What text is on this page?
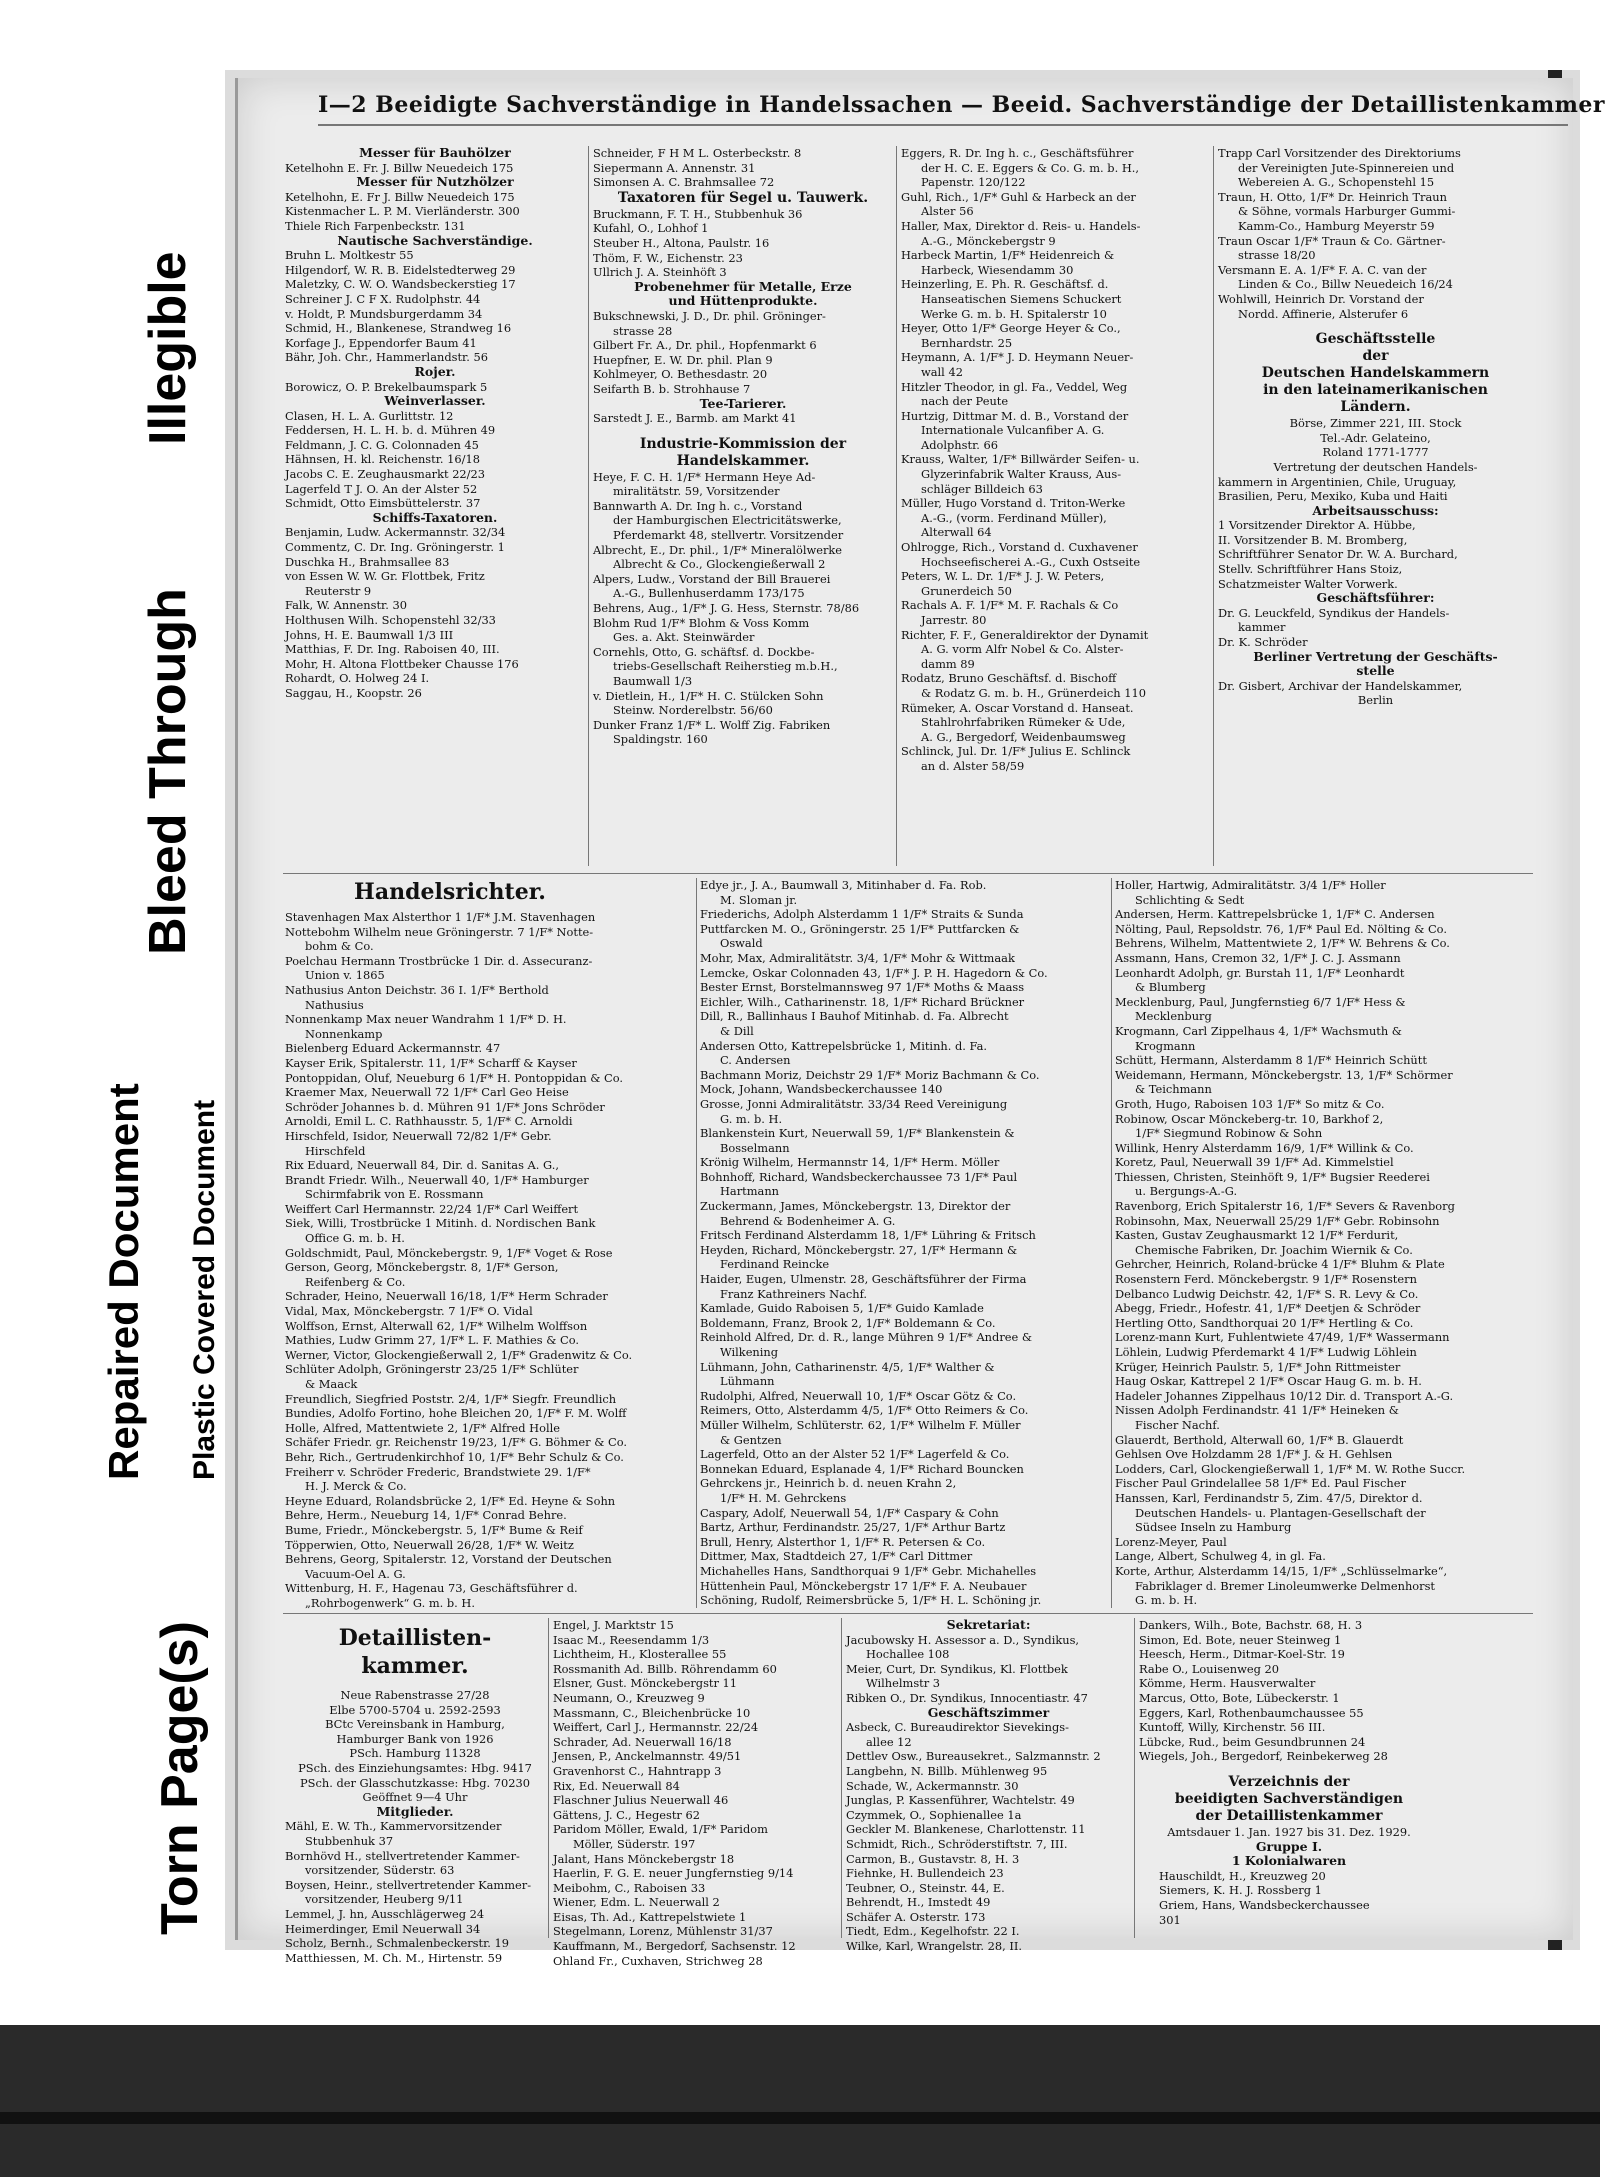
Torn Page(s)
Repaired Document Plastic Covered Document
Bleed Through
Illegible
I—2 Beeidigte Sachverständige in Handelssachen — Beeid. Sachverständige der Detaillistenkammer
Messer für Bauhölzer
Ketelhohn E. Fr. J. Billw Neuedeich 175
Messer für Nutzhölzer
Ketelhohn, E. Fr J. Billw Neuedeich 175
Kistenmacher L. P. M. Vierländerstr. 300
Thiele Rich Farpenbeckstr. 131
Nautische Sachverständige.
Bruhn L. Moltkestr 55
Hilgendorf, W. R. B. Eidelstedterweg 29
Maletzky, C. W. O. Wandsbeckerstieg 17
Schreiner J. C F X. Rudolphstr. 44
v. Holdt, P. Mundsburgerdamm 34
Schmid, H., Blankenese, Strandweg 16
Korfage J., Eppendorfer Baum 41
Bähr, Joh. Chr., Hammerlandstr. 56
Rojer.
Borowicz, O. P. Brekelbaumspark 5
Weinverlasser.
Clasen, H. L. A. Gurlittstr. 12
Feddersen, H. L. H. b. d. Mühren 49
Feldmann, J. C. G. Colonnaden 45
Hähnsen, H. kl. Reichenstr. 16/18
Jacobs C. E. Zeughausmarkt 22/23
Lagerfeld T J. O. An der Alster 52
Schmidt, Otto Eimsbüttelerstr. 37
Schiffs-Taxatoren.
Benjamin, Ludw. Ackermannstr. 32/34
Commentz, C. Dr. Ing. Gröningerstr. 1
Duschka H., Brahmsallee 83
von Essen W. W. Gr. Flottbek, Fritz
Reuterstr 9
Falk, W. Annenstr. 30
Holthusen Wilh. Schopenstehl 32/33
Johns, H. E. Baumwall 1/3 III
Matthias, F. Dr. Ing. Raboisen 40, III.
Mohr, H. Altona Flottbeker Chausse 176
Rohardt, O. Holweg 24 I.
Saggau, H., Koopstr. 26
Schneider, F H M L. Osterbeckstr. 8
Siepermann A. Annenstr. 31
Simonsen A. C. Brahmsallee 72
Taxatoren für Segel u. Tauwerk.
Bruckmann, F. T. H., Stubbenhuk 36
Kufahl, O., Lohhof 1
Steuber H., Altona, Paulstr. 16
Thöm, F. W., Eichenstr. 23
Ullrich J. A. Steinhöft 3
Probenehmer für Metalle, Erze
und Hüttenprodukte.
Bukschnewski, J. D., Dr. phil. Gröninger-
strasse 28
Gilbert Fr. A., Dr. phil., Hopfenmarkt 6
Huepfner, E. W. Dr. phil. Plan 9
Kohlmeyer, O. Bethesdastr. 20
Seifarth B. b. Strohhause 7
Tee-Tarierer.
Sarstedt J. E., Barmb. am Markt 41
Industrie-Kommission der
Handelskammer.
Heye, F. C. H. 1/F* Hermann Heye Ad-
miralitätstr. 59, Vorsitzender
Bannwarth A. Dr. Ing h. c., Vorstand
der Hamburgischen Electricitätswerke,
Pferdemarkt 48, stellvertr. Vorsitzender
Albrecht, E., Dr. phil., 1/F* Mineralölwerke
Albrecht & Co., Glockengießerwall 2
Alpers, Ludw., Vorstand der Bill Brauerei
A.-G., Bullenhuserdamm 173/175
Behrens, Aug., 1/F* J. G. Hess, Sternstr. 78/86
Blohm Rud 1/F* Blohm & Voss Komm
Ges. a. Akt. Steinwärder
Cornehls, Otto, G. schäftsf. d. Dockbe-
triebs-Gesellschaft Reiherstieg m.b.H.,
Baumwall 1/3
v. Dietlein, H., 1/F* H. C. Stülcken Sohn
Steinw. Norderelbstr. 56/60
Dunker Franz 1/F* L. Wolff Zig. Fabriken
Spaldingstr. 160
Eggers, R. Dr. Ing h. c., Geschäftsführer
der H. C. E. Eggers & Co. G. m. b. H.,
Papenstr. 120/122
Guhl, Rich., 1/F* Guhl & Harbeck an der
Alster 56
Haller, Max, Direktor d. Reis- u. Handels-
A.-G., Mönckebergstr 9
Harbeck Martin, 1/F* Heidenreich &
Harbeck, Wiesendamm 30
Heinzerling, E. Ph. R. Geschäftsf. d.
Hanseatischen Siemens Schuckert
Werke G. m. b. H. Spitalerstr 10
Heyer, Otto 1/F* George Heyer & Co.,
Bernhardstr. 25
Heymann, A. 1/F* J. D. Heymann Neuer-
wall 42
Hitzler Theodor, in gl. Fa., Veddel, Weg
nach der Peute
Hurtzig, Dittmar M. d. B., Vorstand der
Internationale Vulcanfiber A. G.
Adolphstr. 66
Krauss, Walter, 1/F* Billwärder Seifen- u.
Glyzerinfabrik Walter Krauss, Aus-
schläger Billdeich 63
Müller, Hugo Vorstand d. Triton-Werke
A.-G., (vorm. Ferdinand Müller),
Alterwall 64
Ohlrogge, Rich., Vorstand d. Cuxhavener
Hochseefischerei A.-G., Cuxh Ostseite
Peters, W. L. Dr. 1/F* J. J. W. Peters,
Grunerdeich 50
Rachals A. F. 1/F* M. F. Rachals & Co
Jarrestr. 80
Richter, F. F., Generaldirektor der Dynamit
A. G. vorm Alfr Nobel & Co. Alster-
damm 89
Rodatz, Bruno Geschäftsf. d. Bischoff
& Rodatz G. m. b. H., Grünerdeich 110
Rümeker, A. Oscar Vorstand d. Hanseat.
Stahlrohrfabriken Rümeker & Ude,
A. G., Bergedorf, Weidenbaumsweg
Schlinck, Jul. Dr. 1/F* Julius E. Schlinck
an d. Alster 58/59
Trapp Carl Vorsitzender des Direktoriums
der Vereinigten Jute-Spinnereien und
Webereien A. G., Schopenstehl 15
Traun, H. Otto, 1/F* Dr. Heinrich Traun
& Söhne, vormals Harburger Gummi-
Kamm-Co., Hamburg Meyerstr 59
Traun Oscar 1/F* Traun & Co. Gärtner-
strasse 18/20
Versmann E. A. 1/F* F. A. C. van der
Linden & Co., Billw Neuedeich 16/24
Wohlwill, Heinrich Dr. Vorstand der
Nordd. Affinerie, Alsterufer 6
Geschäftsstelle
der
Deutschen Handelskammern
in den lateinamerikanischen
Ländern.
Börse, Zimmer 221, III. Stock
Tel.-Adr. Gelateino,
Roland 1771-1777
Vertretung der deutschen Handels-
kammern in Argentinien, Chile, Uruguay,
Brasilien, Peru, Mexiko, Kuba und Haiti
Arbeitsausschuss:
1 Vorsitzender Direktor A. Hübbe,
II. Vorsitzender B. M. Bromberg,
Schriftführer Senator Dr. W. A. Burchard,
Stellv. Schriftführer Hans Stoiz,
Schatzmeister Walter Vorwerk.
Geschäftsführer:
Dr. G. Leuckfeld, Syndikus der Handels-
kammer
Dr. K. Schröder
Berliner Vertretung der Geschäfts-
stelle
Dr. Gisbert, Archivar der Handelskammer,
Berlin
Handelsrichter.
Stavenhagen Max Alsterthor 1 1/F* J.M. Stavenhagen
Nottebohm Wilhelm neue Gröningerstr. 7 1/F* Notte-
bohm & Co.
Poelchau Hermann Trostbrücke 1 Dir. d. Assecuranz-
Union v. 1865
Nathusius Anton Deichstr. 36 I. 1/F* Berthold
Nathusius
Nonnenkamp Max neuer Wandrahm 1 1/F* D. H.
Nonnenkamp
Bielenberg Eduard Ackermannstr. 47
Kayser Erik, Spitalerstr. 11, 1/F* Scharff & Kayser
Pontoppidan, Oluf, Neueburg 6 1/F* H. Pontoppidan & Co.
Kraemer Max, Neuerwall 72 1/F* Carl Geo Heise
Schröder Johannes b. d. Mühren 91 1/F* Jons Schröder
Arnoldi, Emil L. C. Rathhausstr. 5, 1/F* C. Arnoldi
Hirschfeld, Isidor, Neuerwall 72/82 1/F* Gebr.
Hirschfeld
Rix Eduard, Neuerwall 84, Dir. d. Sanitas A. G.,
Brandt Friedr. Wilh., Neuerwall 40, 1/F* Hamburger
Schirmfabrik von E. Rossmann
Weiffert Carl Hermannstr. 22/24 1/F* Carl Weiffert
Siek, Willi, Trostbrücke 1 Mitinh. d. Nordischen Bank
Office G. m. b. H.
Goldschmidt, Paul, Mönckebergstr. 9, 1/F* Voget & Rose
Gerson, Georg, Mönckebergstr. 8, 1/F* Gerson,
Reifenberg & Co.
Schrader, Heino, Neuerwall 16/18, 1/F* Herm Schrader
Vidal, Max, Mönckebergstr. 7 1/F* O. Vidal
Wolffson, Ernst, Alterwall 62, 1/F* Wilhelm Wolffson
Mathies, Ludw Grimm 27, 1/F* L. F. Mathies & Co.
Werner, Victor, Glockengießerwall 2, 1/F* Gradenwitz & Co.
Schlüter Adolph, Gröningerstr 23/25 1/F* Schlüter
& Maack
Freundlich, Siegfried Poststr. 2/4, 1/F* Siegfr. Freundlich
Bundies, Adolfo Fortino, hohe Bleichen 20, 1/F* F. M. Wolff
Holle, Alfred, Mattentwiete 2, 1/F* Alfred Holle
Schäfer Friedr. gr. Reichenstr 19/23, 1/F* G. Böhmer & Co.
Behr, Rich., Gertrudenkirchhof 10, 1/F* Behr Schulz & Co.
Freiherr v. Schröder Frederic, Brandstwiete 29. 1/F*
H. J. Merck & Co.
Heyne Eduard, Rolandsbrücke 2, 1/F* Ed. Heyne & Sohn
Behre, Herm., Neueburg 14, 1/F* Conrad Behre.
Bume, Friedr., Mönckebergstr. 5, 1/F* Bume & Reif
Töpperwien, Otto, Neuerwall 26/28, 1/F* W. Weitz
Behrens, Georg, Spitalerstr. 12, Vorstand der Deutschen
Vacuum-Oel A. G.
Wittenburg, H. F., Hagenau 73, Geschäftsführer d.
„Rohrbogenwerk“ G. m. b. H.
Edye jr., J. A., Baumwall 3, Mitinhaber d. Fa. Rob.
M. Sloman jr.
Friederichs, Adolph Alsterdamm 1 1/F* Straits & Sunda
Puttfarcken M. O., Gröningerstr. 25 1/F* Puttfarcken &
Oswald
Mohr, Max, Admiralitätstr. 3/4, 1/F* Mohr & Wittmaak
Lemcke, Oskar Colonnaden 43, 1/F* J. P. H. Hagedorn & Co.
Bester Ernst, Borstelmannsweg 97 1/F* Moths & Maass
Eichler, Wilh., Catharinenstr. 18, 1/F* Richard Brückner
Dill, R., Ballinhaus I Bauhof Mitinhab. d. Fa. Albrecht
& Dill
Andersen Otto, Kattrepelsbrücke 1, Mitinh. d. Fa.
C. Andersen
Bachmann Moriz, Deichstr 29 1/F* Moriz Bachmann & Co.
Mock, Johann, Wandsbeckerchaussee 140
Grosse, Jonni Admiralitätstr. 33/34 Reed Vereinigung
G. m. b. H.
Blankenstein Kurt, Neuerwall 59, 1/F* Blankenstein &
Bosselmann
Krönig Wilhelm, Hermannstr 14, 1/F* Herm. Möller
Bohnhoff, Richard, Wandsbeckerchaussee 73 1/F* Paul
Hartmann
Zuckermann, James, Mönckebergstr. 13, Direktor der
Behrend & Bodenheimer A. G.
Fritsch Ferdinand Alsterdamm 18, 1/F* Lühring & Fritsch
Heyden, Richard, Mönckebergstr. 27, 1/F* Hermann &
Ferdinand Reincke
Haider, Eugen, Ulmenstr. 28, Geschäftsführer der Firma
Franz Kathreiners Nachf.
Kamlade, Guido Raboisen 5, 1/F* Guido Kamlade
Boldemann, Franz, Brook 2, 1/F* Boldemann & Co.
Reinhold Alfred, Dr. d. R., lange Mühren 9 1/F* Andree &
Wilkening
Lühmann, John, Catharinenstr. 4/5, 1/F* Walther &
Lühmann
Rudolphi, Alfred, Neuerwall 10, 1/F* Oscar Götz & Co.
Reimers, Otto, Alsterdamm 4/5, 1/F* Otto Reimers & Co.
Müller Wilhelm, Schlüterstr. 62, 1/F* Wilhelm F. Müller
& Gentzen
Lagerfeld, Otto an der Alster 52 1/F* Lagerfeld & Co.
Bonnekan Eduard, Esplanade 4, 1/F* Richard Bouncken
Gehrckens jr., Heinrich b. d. neuen Krahn 2,
1/F* H. M. Gehrckens
Caspary, Adolf, Neuerwall 54, 1/F* Caspary & Cohn
Bartz, Arthur, Ferdinandstr. 25/27, 1/F* Arthur Bartz
Brull, Henry, Alsterthor 1, 1/F* R. Petersen & Co.
Dittmer, Max, Stadtdeich 27, 1/F* Carl Dittmer
Michahelles Hans, Sandthorquai 9 1/F* Gebr. Michahelles
Hüttenhein Paul, Mönckebergstr 17 1/F* F. A. Neubauer
Schöning, Rudolf, Reimersbrücke 5, 1/F* H. L. Schöning jr.
Holler, Hartwig, Admiralitätstr. 3/4 1/F* Holler
Schlichting & Sedt
Andersen, Herm. Kattrepelsbrücke 1, 1/F* C. Andersen
Nölting, Paul, Repsoldstr. 76, 1/F* Paul Ed. Nölting & Co.
Behrens, Wilhelm, Mattentwiete 2, 1/F* W. Behrens & Co.
Assmann, Hans, Cremon 32, 1/F* J. C. J. Assmann
Leonhardt Adolph, gr. Burstah 11, 1/F* Leonhardt
& Blumberg
Mecklenburg, Paul, Jungfernstieg 6/7 1/F* Hess &
Mecklenburg
Krogmann, Carl Zippelhaus 4, 1/F* Wachsmuth &
Krogmann
Schütt, Hermann, Alsterdamm 8 1/F* Heinrich Schütt
Weidemann, Hermann, Mönckebergstr. 13, 1/F* Schörmer
& Teichmann
Groth, Hugo, Raboisen 103 1/F* So mitz & Co.
Robinow, Oscar Mönckeberg-tr. 10, Barkhof 2,
1/F* Siegmund Robinow & Sohn
Willink, Henry Alsterdamm 16/9, 1/F* Willink & Co.
Koretz, Paul, Neuerwall 39 1/F* Ad. Kimmelstiel
Thiessen, Christen, Steinhöft 9, 1/F* Bugsier Reederei
u. Bergungs-A.-G.
Ravenborg, Erich Spitalerstr 16, 1/F* Severs & Ravenborg
Robinsohn, Max, Neuerwall 25/29 1/F* Gebr. Robinsohn
Kasten, Gustav Zeughausmarkt 12 1/F* Ferdurit,
Chemische Fabriken, Dr. Joachim Wiernik & Co.
Gehrcher, Heinrich, Roland-brücke 4 1/F* Bluhm & Plate
Rosenstern Ferd. Mönckebergstr. 9 1/F* Rosenstern
Delbanco Ludwig Deichstr. 42, 1/F* S. R. Levy & Co.
Abegg, Friedr., Hofestr. 41, 1/F* Deetjen & Schröder
Hertling Otto, Sandthorquai 20 1/F* Hertling & Co.
Lorenz-mann Kurt, Fuhlentwiete 47/49, 1/F* Wassermann
Löhlein, Ludwig Pferdemarkt 4 1/F* Ludwig Löhlein
Krüger, Heinrich Paulstr. 5, 1/F* John Rittmeister
Haug Oskar, Kattrepel 2 1/F* Oscar Haug G. m. b. H.
Hadeler Johannes Zippelhaus 10/12 Dir. d. Transport A.-G.
Nissen Adolph Ferdinandstr. 41 1/F* Heineken &
Fischer Nachf.
Glauerdt, Berthold, Alterwall 60, 1/F* B. Glauerdt
Gehlsen Ove Holzdamm 28 1/F* J. & H. Gehlsen
Lodders, Carl, Glockengießerwall 1, 1/F* M. W. Rothe Succr.
Fischer Paul Grindelallee 58 1/F* Ed. Paul Fischer
Hanssen, Karl, Ferdinandstr 5, Zim. 47/5, Direktor d.
Deutschen Handels- u. Plantagen-Gesellschaft der
Südsee Inseln zu Hamburg
Lorenz-Meyer, Paul
Lange, Albert, Schulweg 4, in gl. Fa.
Korte, Arthur, Alsterdamm 14/15, 1/F* „Schlüsselmarke“,
Fabriklager d. Bremer Linoleumwerke Delmenhorst
G. m. b. H.
Detaillisten-
kammer.
Neue Rabenstrasse 27/28
Elbe 5700-5704 u. 2592-2593
BCtc Vereinsbank in Hamburg,
Hamburger Bank von 1926
PSch. Hamburg 11328
PSch. des Einziehungsamtes: Hbg. 9417
PSch. der Glasschutzkasse: Hbg. 70230
Geöffnet 9—4 Uhr
Mitglieder.
Mähl, E. W. Th., Kammervorsitzender
Stubbenhuk 37
Bornhövd H., stellvertretender Kammer-
vorsitzender, Süderstr. 63
Boysen, Heinr., stellvertretender Kammer-
vorsitzender, Heuberg 9/11
Lemmel, J. hn, Ausschlägerweg 24
Heimerdinger, Emil Neuerwall 34
Scholz, Bernh., Schmalenbeckerstr. 19
Matthiessen, M. Ch. M., Hirtenstr. 59
Engel, J. Marktstr 15
Isaac M., Reesendamm 1/3
Lichtheim, H., Klosterallee 55
Rossmanith Ad. Billb. Röhrendamm 60
Elsner, Gust. Mönckebergstr 11
Neumann, O., Kreuzweg 9
Massmann, C., Bleichenbrücke 10
Weiffert, Carl J., Hermannstr. 22/24
Schrader, Ad. Neuerwall 16/18
Jensen, P., Anckelmannstr. 49/51
Gravenhorst C., Hahntrapp 3
Rix, Ed. Neuerwall 84
Flaschner Julius Neuerwall 46
Gättens, J. C., Hegestr 62
Paridom Möller, Ewald, 1/F* Paridom
Möller, Süderstr. 197
Jalant, Hans Mönckebergstr 18
Haerlin, F. G. E. neuer Jungfernstieg 9/14
Meibohm, C., Raboisen 33
Wiener, Edm. L. Neuerwall 2
Eisas, Th. Ad., Kattrepelstwiete 1
Stegelmann, Lorenz, Mühlenstr 31/37
Kauffmann, M., Bergedorf, Sachsenstr. 12
Ohland Fr., Cuxhaven, Strichweg 28
Sekretariat:
Jacubowsky H. Assessor a. D., Syndikus,
Hochallee 108
Meier, Curt, Dr. Syndikus, Kl. Flottbek
Wilhelmstr 3
Ribken O., Dr. Syndikus, Innocentiastr. 47
Geschäftszimmer
Asbeck, C. Bureaudirektor Sievekings-
allee 12
Dettlev Osw., Bureausekret., Salzmannstr. 2
Langbehn, N. Billb. Mühlenweg 95
Schade, W., Ackermannstr. 30
Junglas, P. Kassenführer, Wachtelstr. 49
Czymmek, O., Sophienallee 1a
Geckler M. Blankenese, Charlottenstr. 11
Schmidt, Rich., Schröderstiftstr. 7, III.
Carmon, B., Gustavstr. 8, H. 3
Fiehnke, H. Bullendeich 23
Teubner, O., Steinstr. 44, E.
Behrendt, H., Imstedt 49
Schäfer A. Osterstr. 173
Tiedt, Edm., Kegelhofstr. 22 I.
Wilke, Karl, Wrangelstr. 28, II.
Dankers, Wilh., Bote, Bachstr. 68, H. 3
Simon, Ed. Bote, neuer Steinweg 1
Heesch, Herm., Ditmar-Koel-Str. 19
Rabe O., Louisenweg 20
Kömme, Herm. Hausverwalter
Marcus, Otto, Bote, Lübeckerstr. 1
Eggers, Karl, Rothenbaumchaussee 55
Kuntoff, Willy, Kirchenstr. 56 III.
Lübcke, Rud., beim Gesundbrunnen 24
Wiegels, Joh., Bergedorf, Reinbekerweg 28
Verzeichnis der
beeidigten Sachverständigen
der Detaillistenkammer
Amtsdauer 1. Jan. 1927 bis 31. Dez. 1929.
Gruppe I.
1 Kolonialwaren
Hauschildt, H., Kreuzweg 20
Siemers, K. H. J. Rossberg 1
Griem, Hans, Wandsbeckerchaussee
301
